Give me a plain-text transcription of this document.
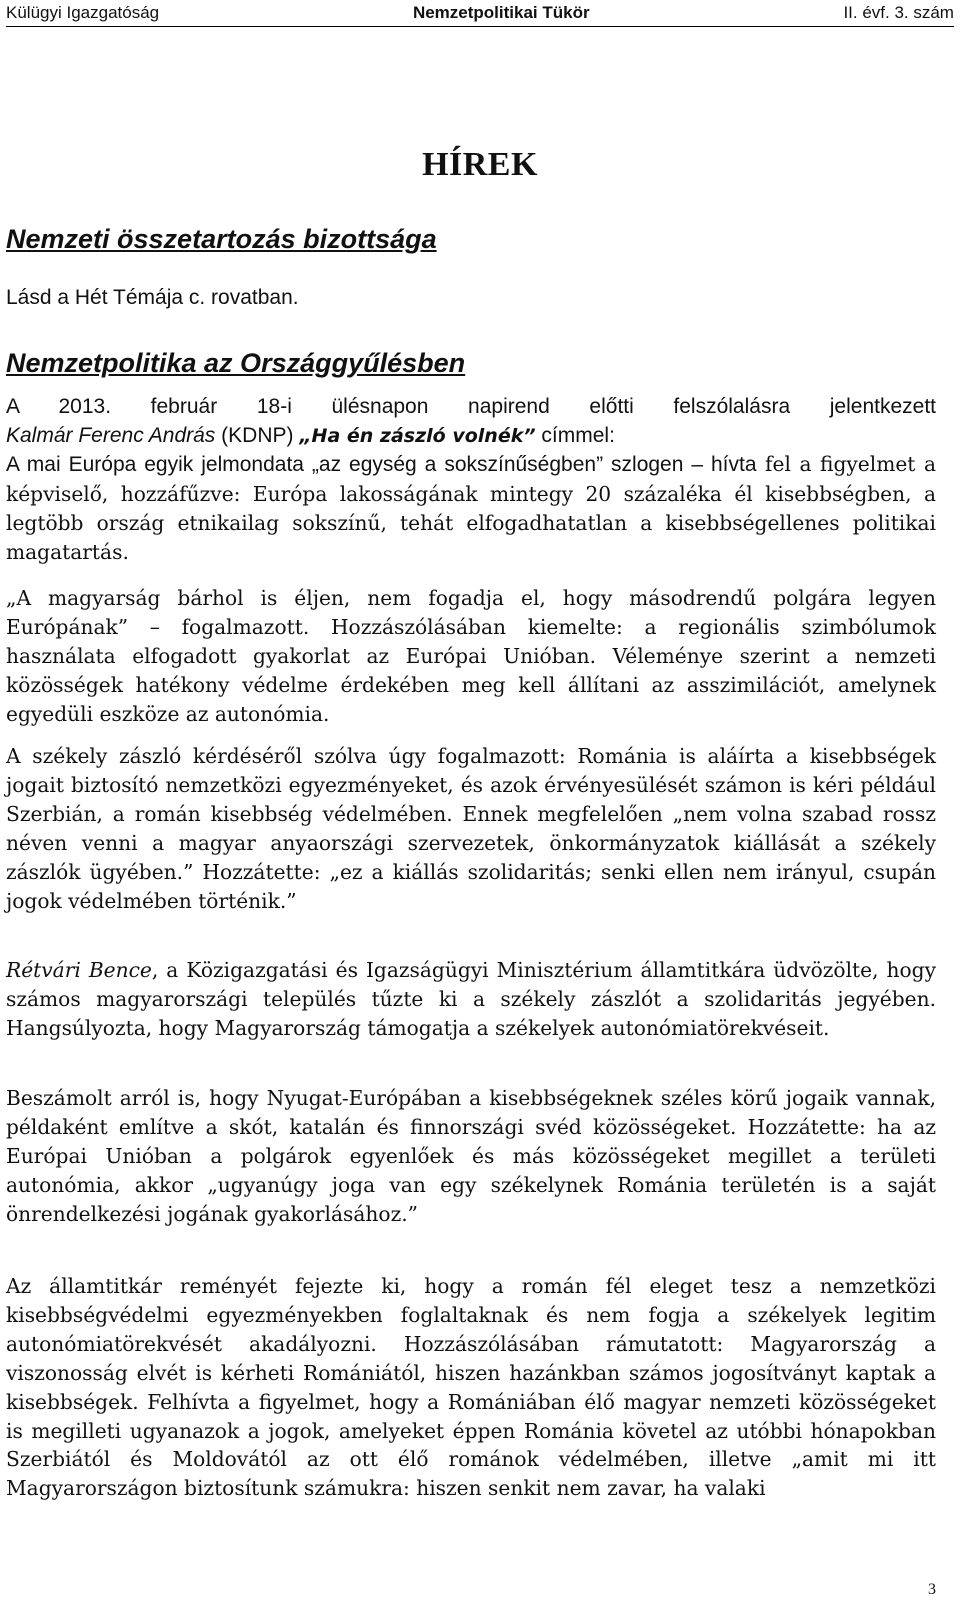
Külügyi Igazgatóság	Nemzetpolitikai Tükör	II. évf. 3. szám
HÍREK
Nemzeti összetartozás bizottsága
Lásd a Hét Témája c. rovatban.
Nemzetpolitika az Országgyűlésben
A 2013. február 18-i ülésnapon napirend előtti felszólalásra jelentkezett
Kalmár Ferenc András (KDNP) „Ha én zászló volnék” címmel:

A mai Európa egyik jelmondata „az egység a sokszínűségben” szlogen – hívta fel a figyelmet a képviselő, hozzáfűzve: Európa lakosságának mintegy 20 százaléka él kisebbségben, a legtöbb ország etnikailag sokszínű, tehát elfogadhatatlan a kisebbségellenes politikai magatartás.

„A magyarság bárhol is éljen, nem fogadja el, hogy másodrendű polgára legyen Európának” – fogalmazott. Hozzászólásában kiemelte: a regionális szimbólumok használata elfogadott gyakorlat az Európai Unióban. Véleménye szerint a nemzeti közösségek hatékony védelme érdekében meg kell állítani az asszimilációt, amelynek egyedüli eszköze az autonómia.

A székely zászló kérdéséről szólva úgy fogalmazott: Románia is aláírta a kisebbségek jogait biztosító nemzetközi egyezményeket, és azok érvényesülését számon is kéri például Szerbián, a román kisebbség védelmében. Ennek megfelelően „nem volna szabad rossz néven venni a magyar anyaországi szervezetek, önkormányzatok kiállását a székely zászlók ügyében.” Hozzátette: „ez a kiállás szolidaritás; senki ellen nem irányul, csupán jogok védelmében történik.”

Rétvári Bence, a Közigazgatási és Igazságügyi Minisztérium államtitkára üdvözölte, hogy számos magyarországi település tűzte ki a székely zászlót a szolidaritás jegyében. Hangsúlyozta, hogy Magyarország támogatja a székelyek autonómiatörekvéseit.

Beszámolt arról is, hogy Nyugat-Európában a kisebbségeknek széles körű jogaik vannak, példaként említve a skót, katalán és finnországi svéd közösségeket. Hozzátette: ha az Európai Unióban a polgárok egyenlőek és más közösségeket megillet a területi autonómia, akkor „ugyanúgy joga van egy székelynek Románia területén is a saját önrendelkezési jogának gyakorlásához.”

Az államtitkár reményét fejezte ki, hogy a román fél eleget tesz a nemzetközi kisebbségvédelmi egyezményekben foglaltaknak és nem fogja a székelyek legitim autonómiatörekvését akadályozni. Hozzászólásában rámutatott: Magyarország a viszonosság elvét is kérheti Romániától, hiszen hazánkban számos jogosítványt kaptak a kisebbségek. Felhívta a figyelmet, hogy a Romániában élő magyar nemzeti közösségeket is megilleti ugyanazok a jogok, amelyeket éppen Románia követel az utóbbi hónapokban Szerbiától és Moldovától az ott élő románok védelmében, illetve „amit mi itt Magyarországon biztosítunk számukra: hiszen senkit nem zavar, ha valaki

3
